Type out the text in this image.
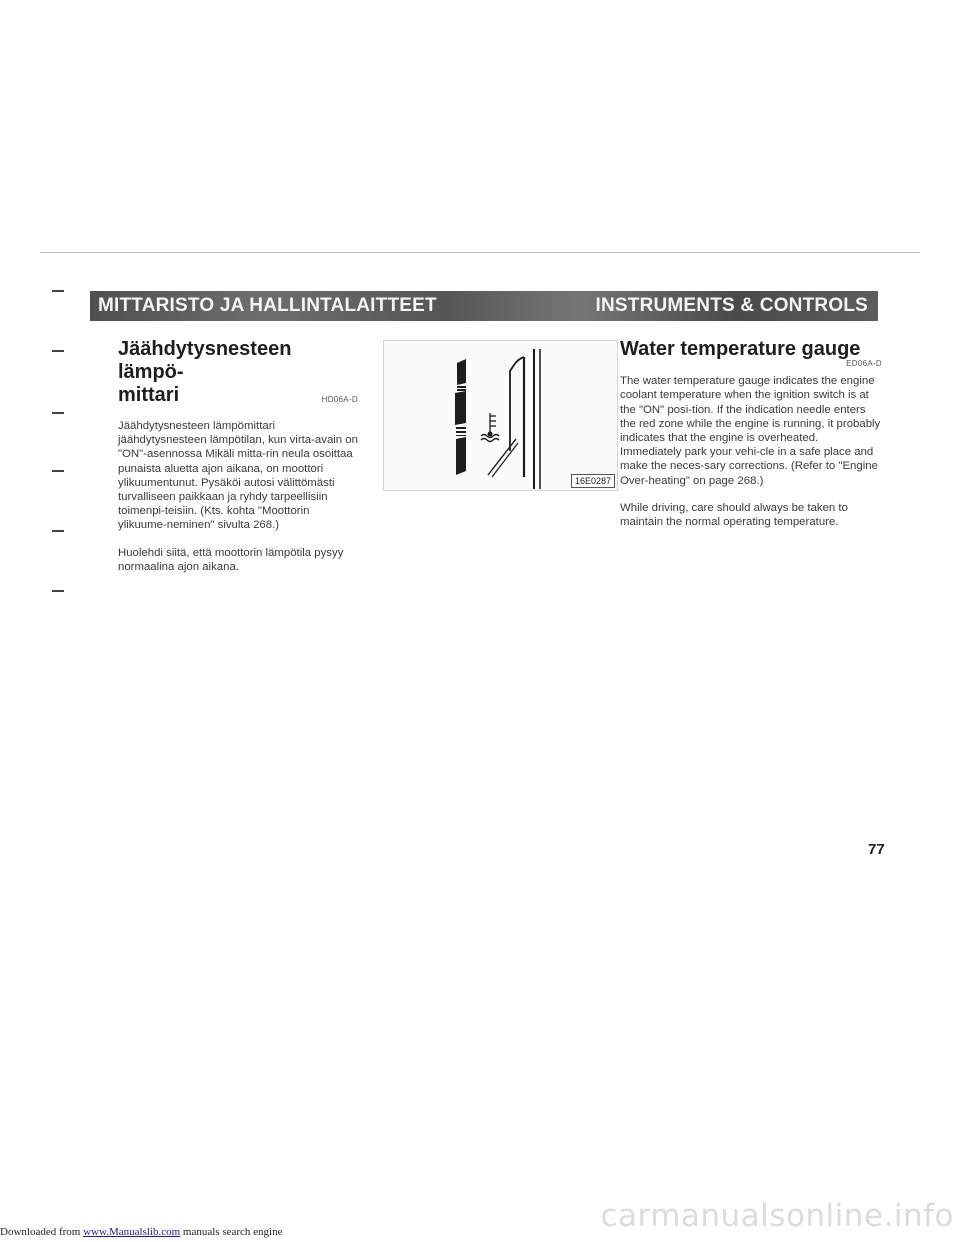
MITTARISTO JA HALLINTALAITTEET	INSTRUMENTS & CONTROLS
Jäähdytysnesteen lämpö-
mittari	HD06A-D

Jäähdytysnesteen lämpömittari jäähdytysnesteen lämpötilan, kun virta-avain on "ON"-asennossa Mikäli mitta-rin neula osoittaa punaista aluetta ajon aikana, on moottori ylikuumentunut. Pysäköi autosi välittömästi turvalliseen paikkaan ja ryhdy tarpeellisiin toimenpi-teisiin. (Kts. kohta "Moottorin ylikuume-neminen" sivulta 268.)

Huolehdi siitä, että moottorin lämpötila pysyy normaalina ajon aikana.

16E0287
Water temperature gauge
ED06A-D

The water temperature gauge indicates the engine coolant temperature when the ignition switch is at the "ON" posi-tion. If the indication needle enters the red zone while the engine is running, it probably indicates that the engine is overheated. Immediately park your vehi-cle in a safe place and make the neces-sary corrections. (Refer to "Engine Over-heating" on page 268.)

While driving, care should always be taken to maintain the normal operating temperature.

77
Downloaded from www.Manualslib.com manuals search engine	carmanualsonline.info
